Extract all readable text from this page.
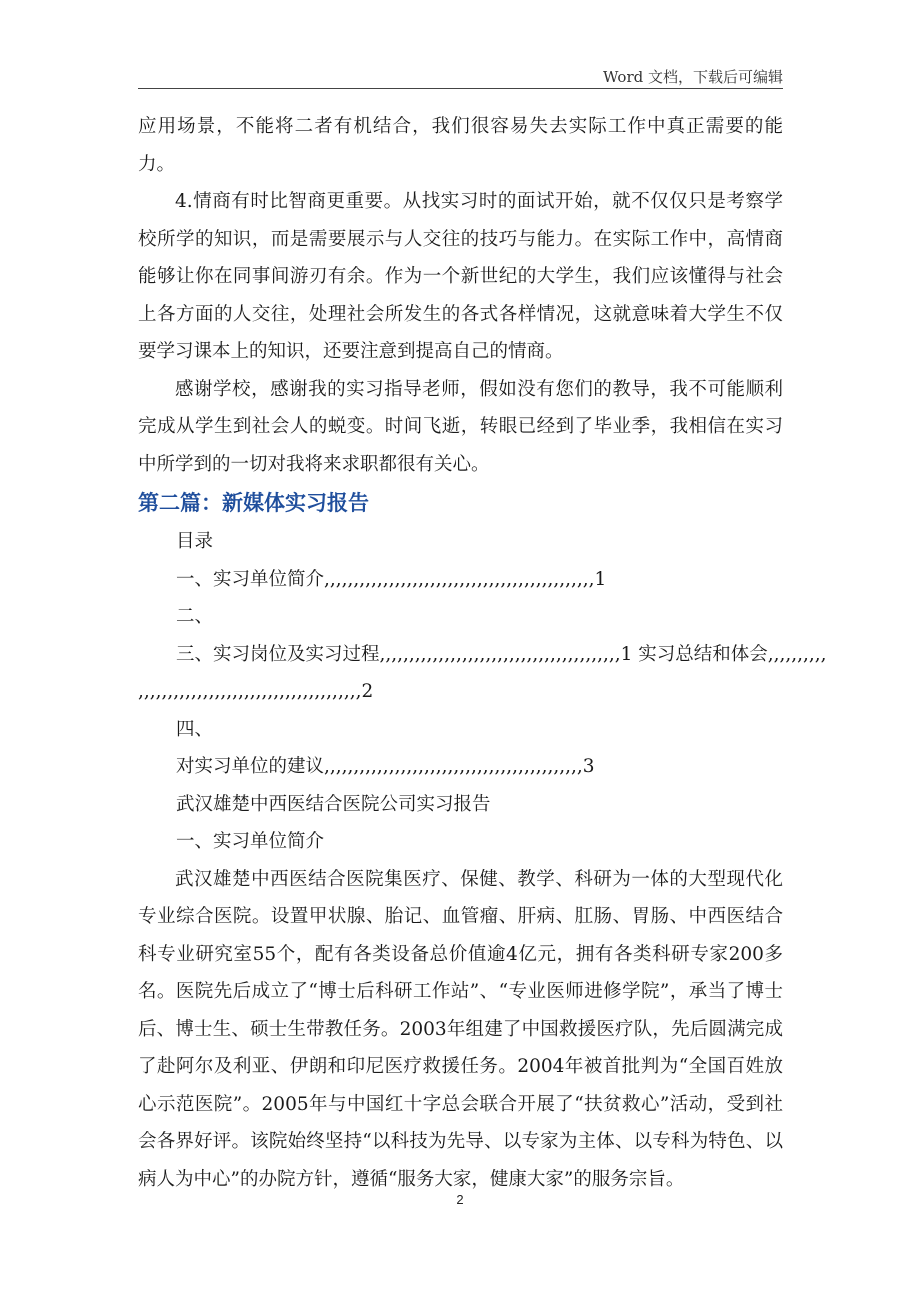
Word 文档，下载后可编辑

应用场景，不能将二者有机结合，我们很容易失去实际工作中真正需要的能力。

4.情商有时比智商更重要。从找实习时的面试开始，就不仅仅只是考察学校所学的知识，而是需要展示与人交往的技巧与能力。在实际工作中，高情商能够让你在同事间游刃有余。作为一个新世纪的大学生，我们应该懂得与社会上各方面的人交往，处理社会所发生的各式各样情况，这就意味着大学生不仅要学习课本上的知识，还要注意到提高自己的情商。

感谢学校，感谢我的实习指导老师，假如没有您们的教导，我不可能顺利完成从学生到社会人的蜕变。时间飞逝，转眼已经到了毕业季，我相信在实习中所学到的一切对我将来求职都很有关心。

第二篇：新媒体实习报告

目录

一、实习单位简介,,,,,,,,,,,,,,,,,,,,,,,,,,,,,,,,,,,,,,,,,,,,,,1

二、

三、实习岗位及实习过程,,,,,,,,,,,,,,,,,,,,,,,,,,,,,,,,,,,,,,,,,1 实习总结和体会,,,,,,,,,,

,,,,,,,,,,,,,,,,,,,,,,,,,,,,,,,,,,,,,,2

四、

对实习单位的建议,,,,,,,,,,,,,,,,,,,,,,,,,,,,,,,,,,,,,,,,,,,,3

武汉雄楚中西医结合医院公司实习报告

一、实习单位简介

武汉雄楚中西医结合医院集医疗、保健、教学、科研为一体的大型现代化专业综合医院。设置甲状腺、胎记、血管瘤、肝病、肛肠、胃肠、中西医结合科专业研究室55个，配有各类设备总价值逾4亿元，拥有各类科研专家200多名。医院先后成立了“博士后科研工作站”、“专业医师进修学院”，承当了博士后、博士生、硕士生带教任务。2003年组建了中国救援医疗队，先后圆满完成了赴阿尔及利亚、伊朗和印尼医疗救援任务。2004年被首批判为“全国百姓放心示范医院”。2005年与中国红十字总会联合开展了“扶贫救心”活动，受到社会各界好评。该院始终坚持“以科技为先导、以专家为主体、以专科为特色、以病人为中心”的办院方针，遵循“服务大家，健康大家”的服务宗旨。

2
